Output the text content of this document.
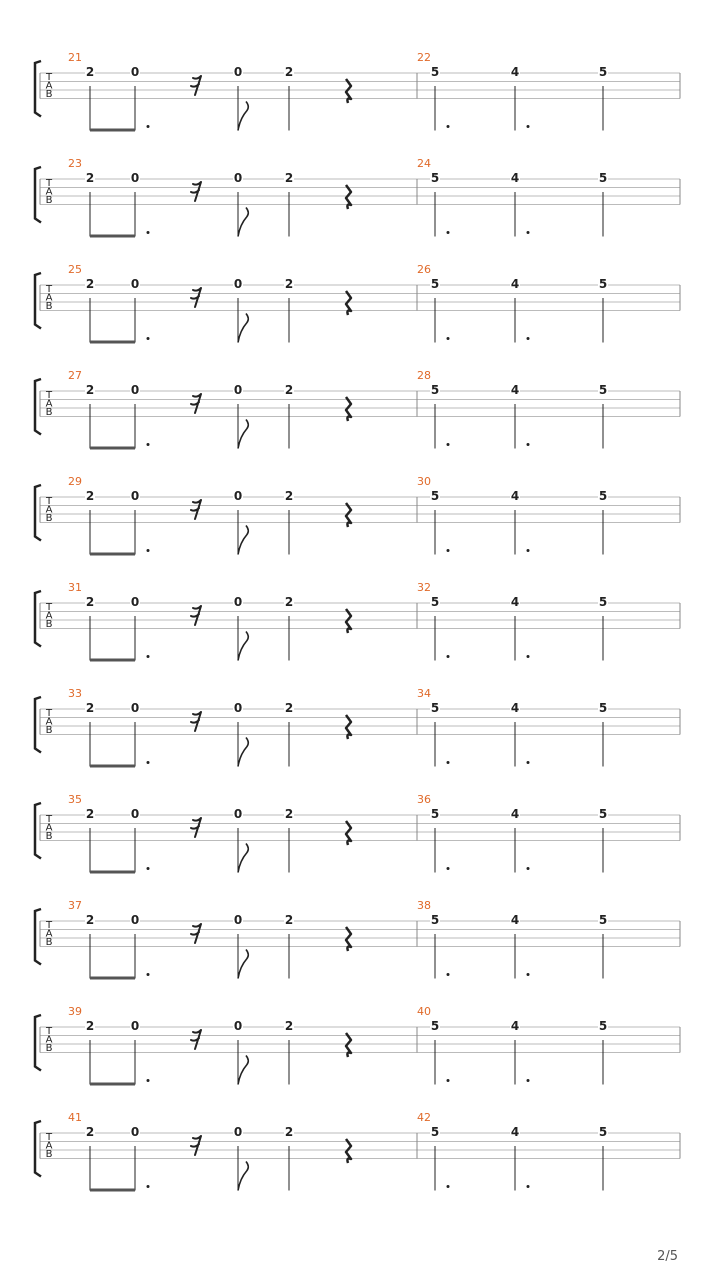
T
A
B
21	22
2	0	0	2	5	4	5
T
A
B
23	24
2	0	0	2	5	4	5
T
A
B
25	26
2	0	0	2	5	4	5
T
A
B
27	28
2	0	0	2	5	4	5
T
A
B
29	30
2	0	0	2	5	4	5
T
A
B
31	32
2	0	0	2	5	4	5
T
A
B
33	34
2	0	0	2	5	4	5
T
A
B
35	36
2	0	0	2	5	4	5
T
A
B
37	38
2	0	0	2	5	4	5
T
A
B
39	40
2	0	0	2	5	4	5
T
A
B
41	42
2	0	0	2	5	4	5
2/5
